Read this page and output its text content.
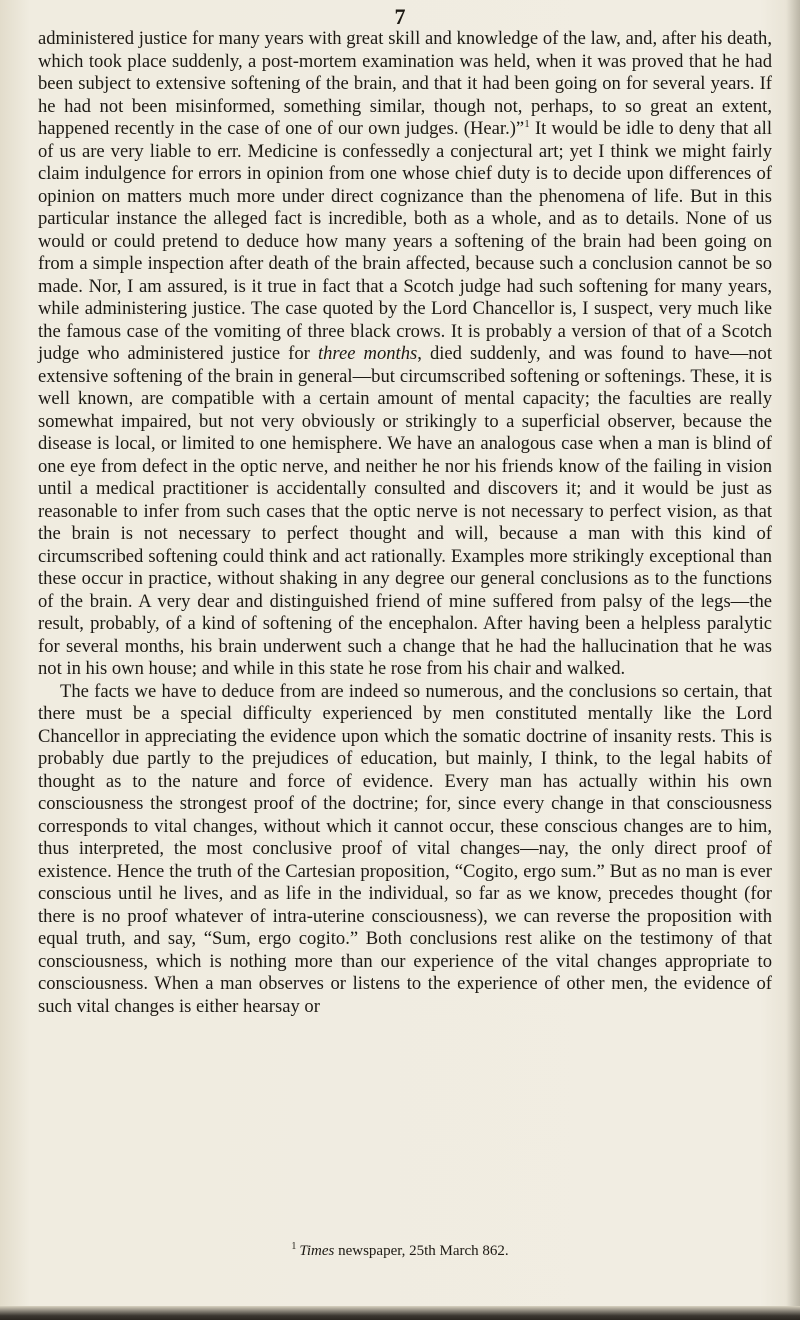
7

administered justice for many years with great skill and knowledge of the law, and, after his death, which took place suddenly, a post-mortem examination was held, when it was proved that he had been subject to extensive softening of the brain, and that it had been going on for several years. If he had not been misinformed, something similar, though not, perhaps, to so great an extent, happened recently in the case of one of our own judges. (Hear.)”$^1$ It would be idle to deny that all of us are very liable to err. Medicine is confessedly a conjectural art; yet I think we might fairly claim indulgence for errors in opinion from one whose chief duty is to decide upon differences of opinion on matters much more under direct cognizance than the phenomena of life. But in this particular instance the alleged fact is incredible, both as a whole, and as to details. None of us would or could pretend to deduce how many years a softening of the brain had been going on from a simple inspection after death of the brain affected, because such a conclusion cannot be so made. Nor, I am assured, is it true in fact that a Scotch judge had such softening for many years, while administering justice. The case quoted by the Lord Chancellor is, I suspect, very much like the famous case of the vomiting of three black crows. It is probably a version of that of a Scotch judge who administered justice for three months, died suddenly, and was found to have—not extensive softening of the brain in general—but circumscribed softening or softenings. These, it is well known, are compatible with a certain amount of mental capacity; the faculties are really somewhat impaired, but not very obviously or strikingly to a superficial observer, because the disease is local, or limited to one hemisphere. We have an analogous case when a man is blind of one eye from defect in the optic nerve, and neither he nor his friends know of the failing in vision until a medical practitioner is accidentally consulted and discovers it; and it would be just as reasonable to infer from such cases that the optic nerve is not necessary to perfect vision, as that the brain is not necessary to perfect thought and will, because a man with this kind of circumscribed softening could think and act rationally. Examples more strikingly exceptional than these occur in practice, without shaking in any degree our general conclusions as to the functions of the brain. A very dear and distinguished friend of mine suffered from palsy of the legs—the result, probably, of a kind of softening of the encephalon. After having been a helpless paralytic for several months, his brain underwent such a change that he had the hallucination that he was not in his own house; and while in this state he rose from his chair and walked.

The facts we have to deduce from are indeed so numerous, and the conclusions so certain, that there must be a special difficulty experienced by men constituted mentally like the Lord Chancellor in appreciating the evidence upon which the somatic doctrine of insanity rests. This is probably due partly to the prejudices of education, but mainly, I think, to the legal habits of thought as to the nature and force of evidence. Every man has actually within his own consciousness the strongest proof of the doctrine; for, since every change in that consciousness corresponds to vital changes, without which it cannot occur, these conscious changes are to him, thus interpreted, the most conclusive proof of vital changes—nay, the only direct proof of existence. Hence the truth of the Cartesian proposition, “Cogito, ergo sum.” But as no man is ever conscious until he lives, and as life in the individual, so far as we know, precedes thought (for there is no proof whatever of intra-uterine consciousness), we can reverse the proposition with equal truth, and say, “Sum, ergo cogito.” Both conclusions rest alike on the testimony of that consciousness, which is nothing more than our experience of the vital changes appropriate to consciousness. When a man observes or listens to the experience of other men, the evidence of such vital changes is either hearsay or

$^1$ Times newspaper, 25th March 862.
